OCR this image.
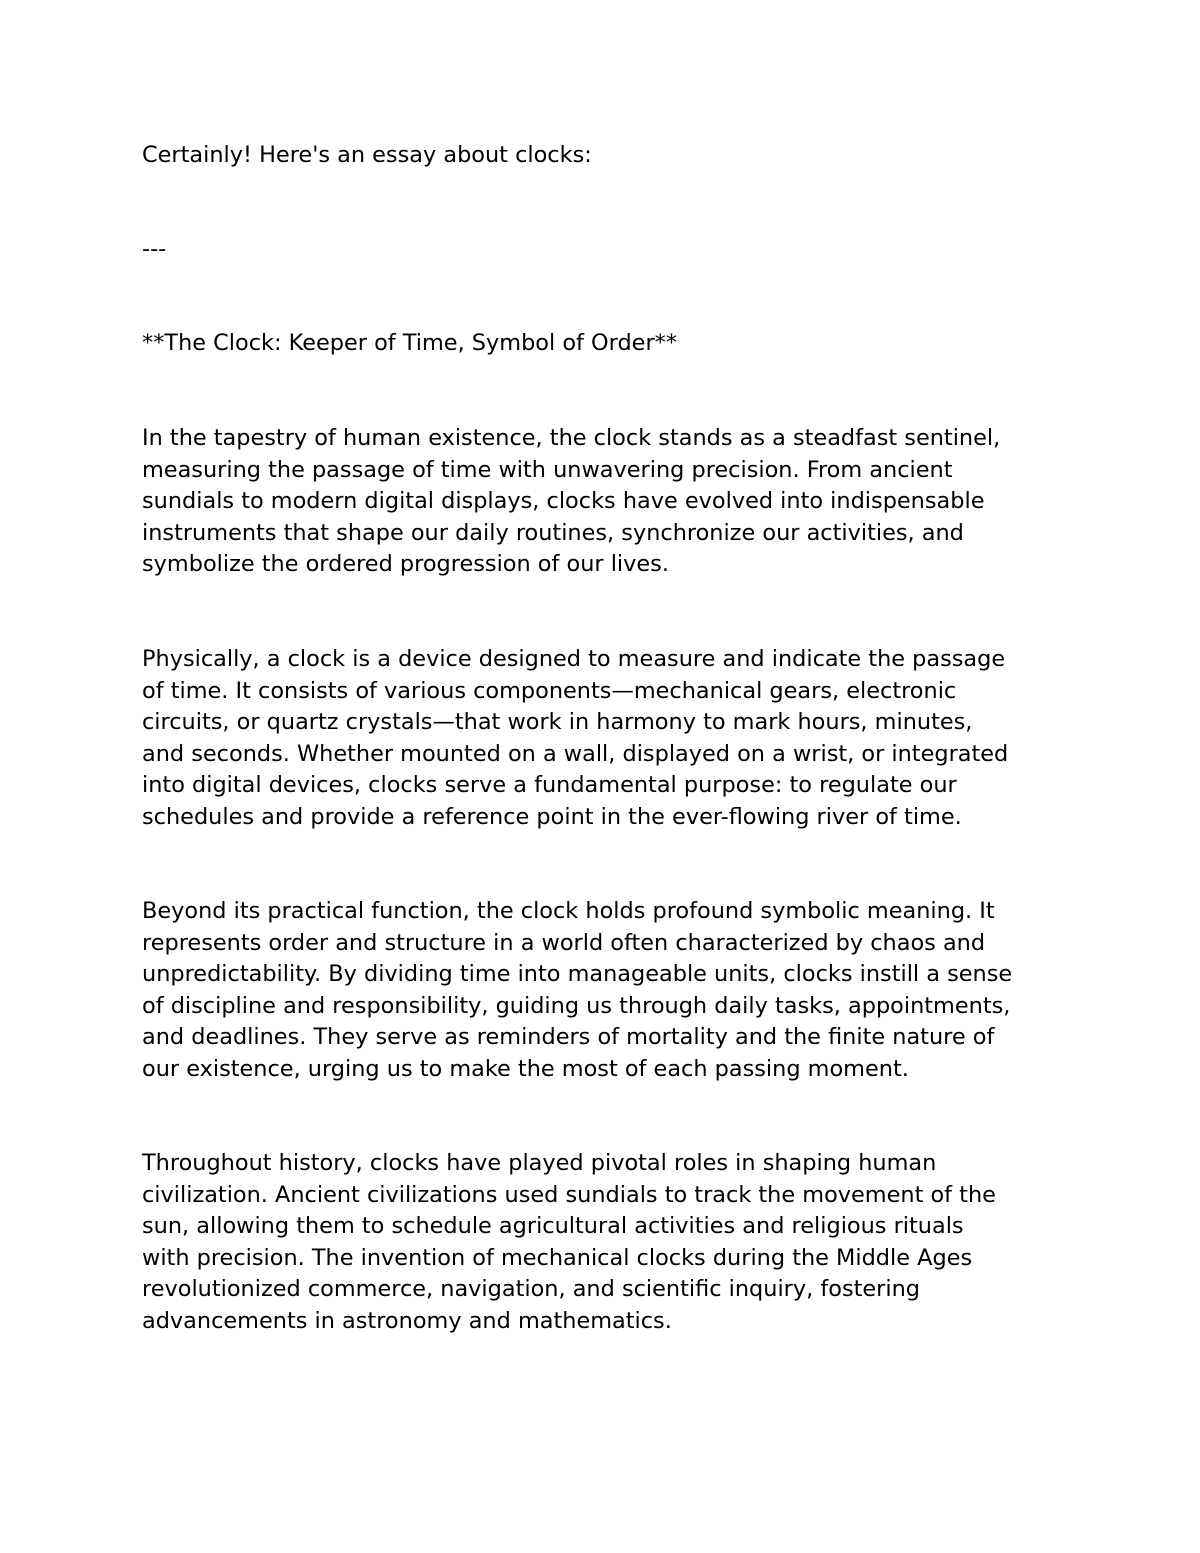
Certainly! Here's an essay about clocks:
---
**The Clock: Keeper of Time, Symbol of Order**
In the tapestry of human existence, the clock stands as a steadfast sentinel,
measuring the passage of time with unwavering precision. From ancient
sundials to modern digital displays, clocks have evolved into indispensable
instruments that shape our daily routines, synchronize our activities, and
symbolize the ordered progression of our lives.
Physically, a clock is a device designed to measure and indicate the passage
of time. It consists of various components—mechanical gears, electronic
circuits, or quartz crystals—that work in harmony to mark hours, minutes,
and seconds. Whether mounted on a wall, displayed on a wrist, or integrated
into digital devices, clocks serve a fundamental purpose: to regulate our
schedules and provide a reference point in the ever-flowing river of time.
Beyond its practical function, the clock holds profound symbolic meaning. It
represents order and structure in a world often characterized by chaos and
unpredictability. By dividing time into manageable units, clocks instill a sense
of discipline and responsibility, guiding us through daily tasks, appointments,
and deadlines. They serve as reminders of mortality and the finite nature of
our existence, urging us to make the most of each passing moment.
Throughout history, clocks have played pivotal roles in shaping human
civilization. Ancient civilizations used sundials to track the movement of the
sun, allowing them to schedule agricultural activities and religious rituals
with precision. The invention of mechanical clocks during the Middle Ages
revolutionized commerce, navigation, and scientific inquiry, fostering
advancements in astronomy and mathematics.
